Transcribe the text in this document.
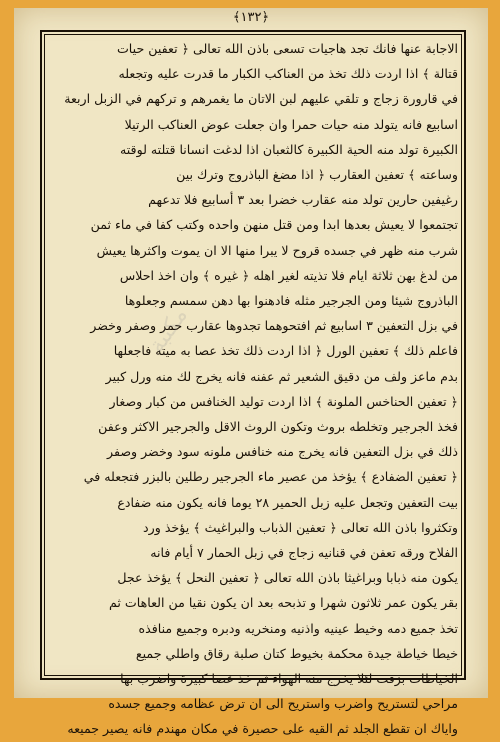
﴿١٣٢﴾
الاجابة عنها فانك تجد هاجيات تسعى باذن الله تعالى ﴿ تعفين حيات
قتالة ﴾ اذا اردت ذلك تخذ من العناكب الكبار ما قدرت عليه وتجعله
في قارورة زجاج و تلقي عليهم لبن الاتان ما يغمرهم و تركهم في الزبل اربعة
اسابيع فانه يتولد منه حيات حمرا وان جعلت عوض العناكب الرتيلا
الكبيرة تولد منه الحية الكبيرة كالثعبان اذا لدغت انسانا قتلته لوقته
وساعته ﴾ تعفين العقارب ﴿ اذا مضغ الباذروج وترك بين
رغيفين حارين تولد منه عقارب خضرا بعد ٣ أسابيع فلا تدعهم
تجتمعوا لا يعيش بعدها ابدا ومن قتل منهن واحده وكتب كفا في ماء ثمن
شرب منه ظهر في جسده قروح لا يبرا منها الا ان يموت واكثرها يعيش
من لدغ بهن ثلاثة ايام فلا تذيته لغير اهله ﴿ غيره ﴾ وان اخذ احلاس
الباذروج شيئا ومن الجرجير مثله فادهنوا بها دهن سمسم وجعلوها
في بزل التعفين ٣ اسابيع ثم افتحوهما تجدوها عقارب حمر وصفر وخضر
فاعلم ذلك ﴾ تعفين الورل ﴿ اذا اردت ذلك تخذ عصا به ميته فاجعلها
بدم ماعز ولف من دقيق الشعير ثم عفنه فانه يخرج لك منه ورل كبير
﴿ تعفين الحناخس الملونة ﴾ اذا اردت توليد الخنافس من كبار وصغار
فخذ الجرجير وتخلطه بروث وتكون الروث الاقل والجرجير الاكثر وعفن
ذلك في بزل التعفين فانه يخرج منه خنافس ملونه سود وخضر وصفر
﴿ تعفين الضفادع ﴾ يؤخذ من عصير ماء الجرجير رطلين بالبزر فتجعله في
بيت التعفين وتجعل عليه زبل الحمير ٢٨ يوما فانه يكون منه ضفادع
وتكثروا باذن الله تعالى ﴿ تعفين الذباب والبراغيث ﴾ يؤخذ ورد
الفلاح ورقه تعفن في قنانيه زجاج في زبل الحمار ٧ أيام فانه
يكون منه ذبابا وبراغيثا باذن الله تعالى ﴿ تعفين النحل ﴾ يؤخذ عجل
بقر يكون عمر ثلاثون شهرا و تذبحه بعد ان يكون نقيا من العاهات ثم
تخذ جميع دمه وخيط عينيه واذنيه ومنخريه ودبره وجميع منافذه
خيطا خياطة جيدة محكمة بخيوط كتان صلبة رقاق واطلي جميع
الخياطات بزفت لئلا يخرج منه الهواء ثم خذ عصا كبيرة واضرب بها
مراحي لتستريح واضرب واستريح الى ان ترض عظامه وجميع جسده
واياك ان تقطع الجلد ثم القيه على حصيرة في مكان مهندم فانه يصير جميعه
مكتبة
